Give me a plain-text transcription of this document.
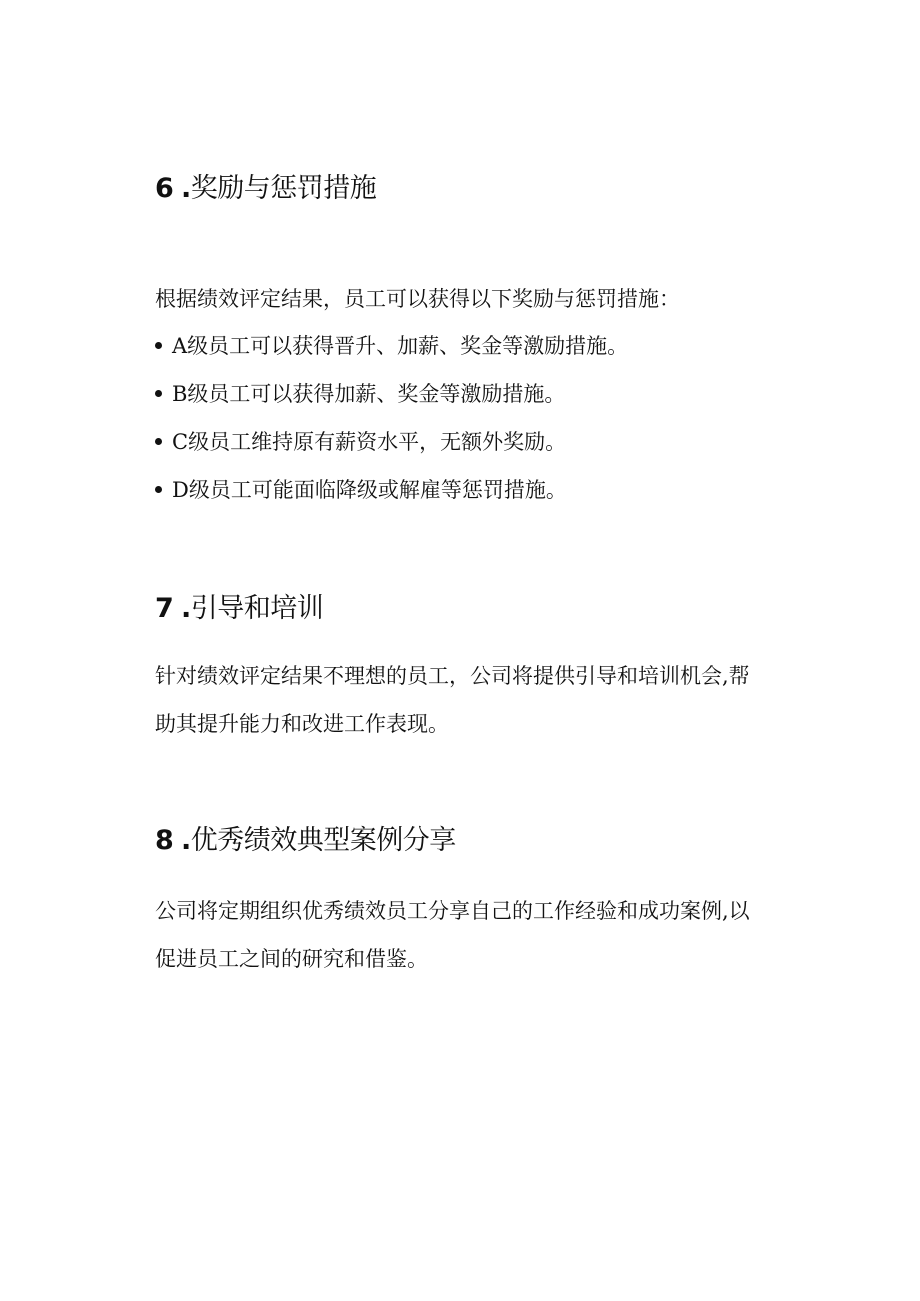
6 .奖励与惩罚措施

根据绩效评定结果，员工可以获得以下奖励与惩罚措施：

A级员工可以获得晋升、加薪、奖金等激励措施。
B级员工可以获得加薪、奖金等激励措施。
C级员工维持原有薪资水平，无额外奖励。
D级员工可能面临降级或解雇等惩罚措施。
7 .引导和培训

针对绩效评定结果不理想的员工，公司将提供引导和培训机会,帮

助其提升能力和改进工作表现。

8 .优秀绩效典型案例分享

公司将定期组织优秀绩效员工分享自己的工作经验和成功案例,以

促进员工之间的研究和借鉴。
